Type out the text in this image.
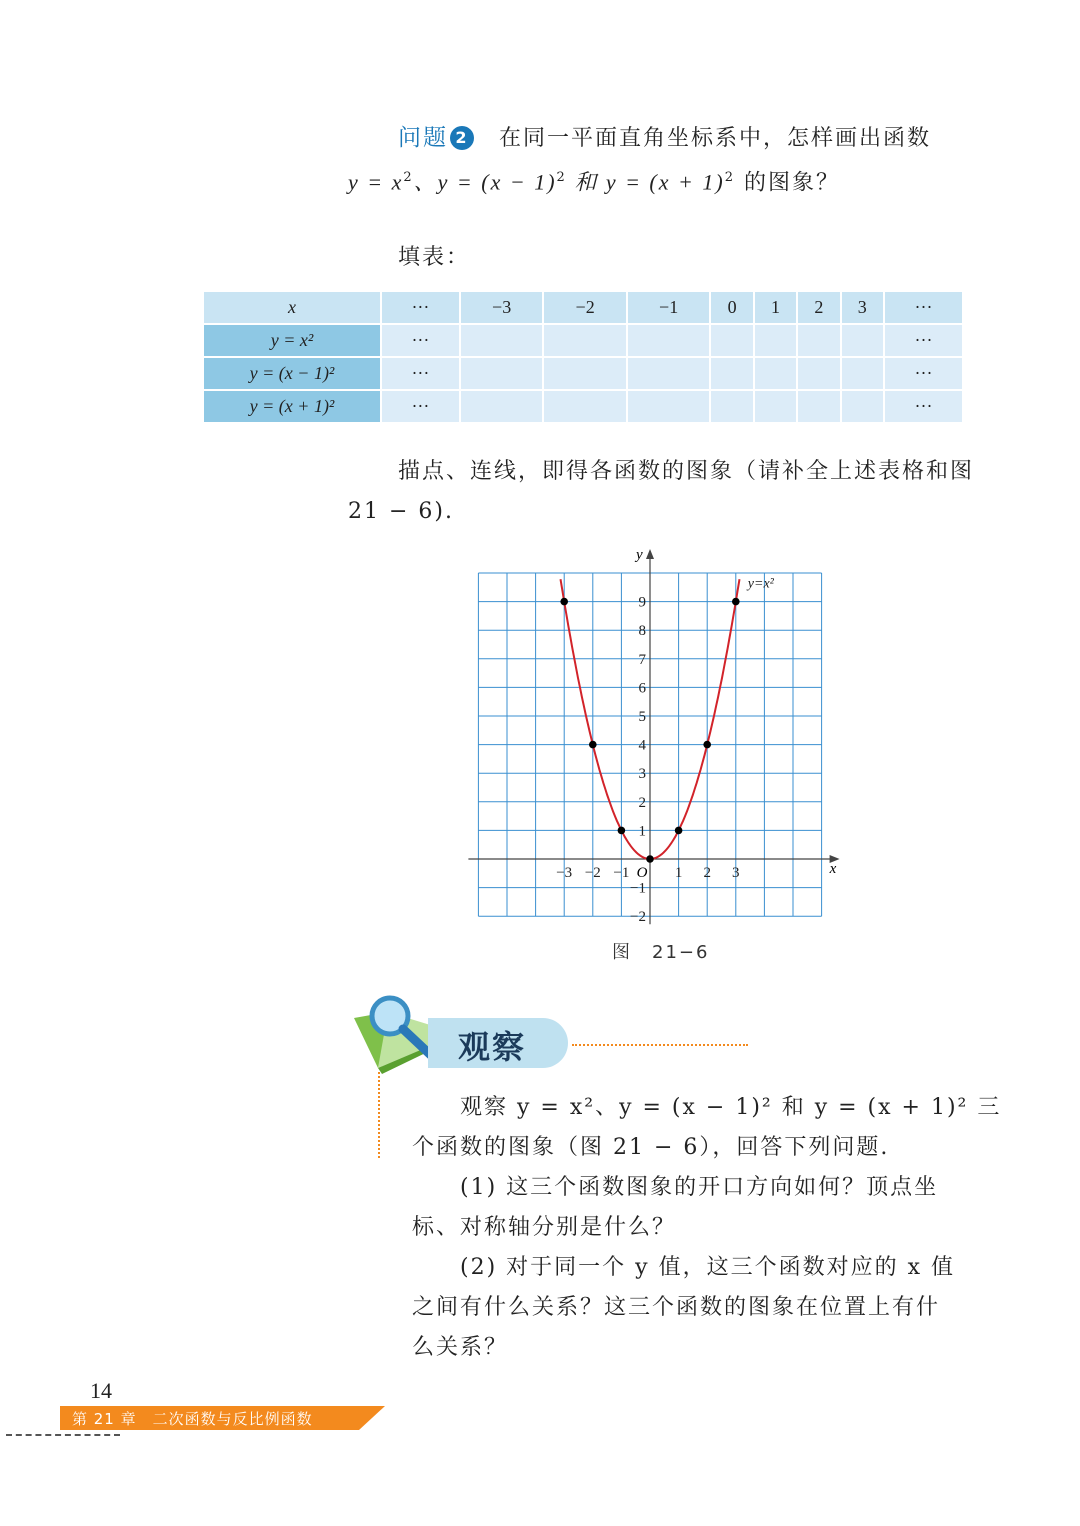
问题 2 在同一平面直角坐标系中，怎样画出函数
$y = x^2$、$y = (x - 1)^2$ 和 $y = (x + 1)^2$ 的图象？
填表：
x	···	−3	−2	−1	0	1	2	3	···
y = x²	···								···
y = (x − 1)²	···								···
y = (x + 1)²	···								···
描点、连线，即得各函数的图象（请补全上述表格和图
21 − 6).
x
y
9
8
7
6
5
4
3
2
1
−1
−2
−3 −2 −1	1 2 3
O
y=x²
图　21−6
观察
观察 y = x²、y = (x − 1)² 和 y = (x + 1)² 三
个函数的图象（图 21 − 6），回答下列问题.
(1) 这三个函数图象的开口方向如何？顶点坐
标、对称轴分别是什么？
(2) 对于同一个 y 值，这三个函数对应的 x 值
之间有什么关系？这三个函数的图象在位置上有什
么关系？
14
第 21 章　二次函数与反比例函数
